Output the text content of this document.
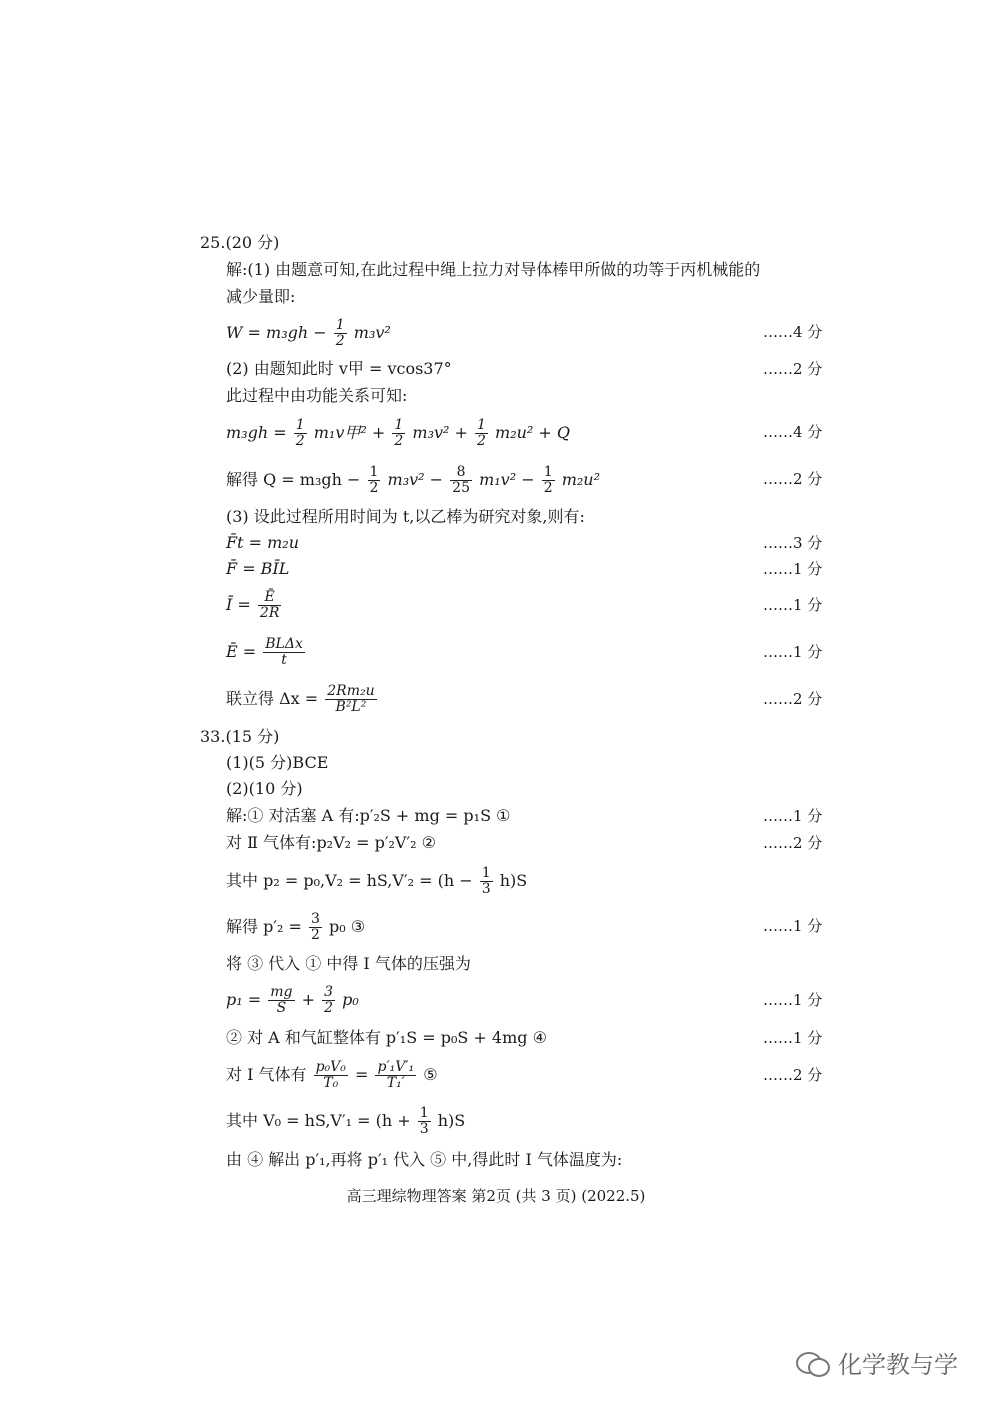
25.(20 分)
解:(1) 由题意可知,在此过程中绳上拉力对导体棒甲所做的功等于丙机械能的
减少量即:
$W = m_3gh - \frac{1}{2} m_3v^2$	……4 分
(2) 由题知此时 v甲 = vcos37°	……2 分
此过程中由功能关系可知:
$m_3gh = \frac{1}{2} m_1v$甲$^2 + \frac{1}{2} m_3v^2 + \frac{1}{2} m_2u^2 + Q$	……4 分
解得 $Q = m_3gh - \frac{1}{2} m_3v^2 - \frac{8}{25} m_1v^2 - \frac{1}{2} m_2u^2$	……2 分
(3) 设此过程所用时间为 t,以乙棒为研究对象,则有:
F̄t = m₂u	……3 分
F̄ = BĪL	……1 分
Ī = $\frac{Ē}{2R}$	……1 分
Ē = $\frac{\text{BLΔx}}{t}$	……1 分
联立得 $\Delta x = \frac{\text{2Rm₂u}}{\text{B²L²}}$	……2 分
33.(15 分)
(1)(5 分)BCE
(2)(10 分)
解:① 对活塞 A 有:p′₂S + mg = p₁S ①	……1 分
对 Ⅱ 气体有:p₂V₂ = p′₂V′₂ ②	……2 分
其中 $p_2 = p_0,V_2 = hS,V'_2 = (h - \frac{1}{3} h)S$
解得 $p'_2 = \frac{3}{2} p_0$ ③	……1 分
将 ③ 代入 ① 中得 Ⅰ 气体的压强为
$p_1 = \frac{mg}{S} + \frac{3}{2} p_0$	……1 分
② 对 A 和气缸整体有 p′₁S = p₀S + 4mg ④	……1 分
对 Ⅰ 气体有 $\frac{\text{p₀V₀}}{\text{T₀}} = \frac{\text{p′₁V′₁}}{\text{T₁′}}$ ⑤	……2 分
其中 $V_0 = hS,V'_1 = (h + \frac{1}{3} h)S$
由 ④ 解出 p′₁,再将 p′₁ 代入 ⑤ 中,得此时 Ⅰ 气体温度为:
高三理综物理答案 第2页 (共 3 页) (2022.5)
化学教与学
